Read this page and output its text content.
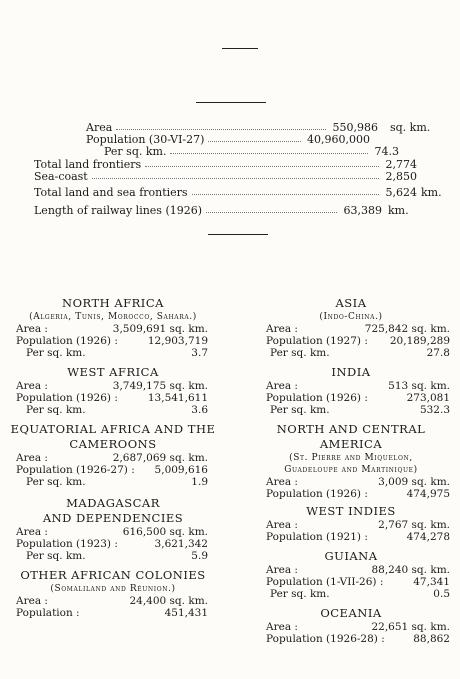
Area	550,986 sq. km.
Population (30-VI-27)	40,960,000
Per sq. km.	74.3
Total land frontiers	2,774
Sea-coast	2,850
Total land and sea frontiers	5,624 km.
Length of railway lines (1926)	63,389 km.
NORTH AFRICA
(Algeria, Tunis, Morocco, Sahara.)
Area :	3,509,691 sq. km.
Population (1926) :	12,903,719
Per sq. km.	3.7
WEST AFRICA
Area :	3,749,175 sq. km.
Population (1926) :	13,541,611
Per sq. km.	3.6
EQUATORIAL AFRICA AND THE
CAMEROONS
Area :	2,687,069 sq. km.
Population (1926-27) : 5,009,616
Per sq. km.	1.9
MADAGASCAR
AND DEPENDENCIES
Area :	616,500 sq. km.
Population (1923) :	3,621,342
Per sq. km.	5.9
OTHER AFRICAN COLONIES
(Somaliland and Réunion.)
Area :	24,400 sq. km.
Population :	451,431
ASIA
(Indo-China.)
Area :	725,842 sq. km.
Population (1927) : 20,189,289
Per sq. km.	27.8
INDIA
Area :	513 sq. km.
Population (1926) :	273,081
Per sq. km.	532.3
NORTH AND CENTRAL
AMERICA
(St. Pierre and Miquelon,
Guadeloupe and Martinique)
Area :	3,009 sq. km.
Population (1926) :	474,975
WEST INDIES
Area :	2,767 sq. km.
Population (1921) :	474,278
GUIANA
Area :	88,240 sq. km.
Population (1-VII-26) :	47,341
Per sq. km.	0.5
OCEANIA
Area :	22,651 sq. km.
Population (1926-28) :	88,862
